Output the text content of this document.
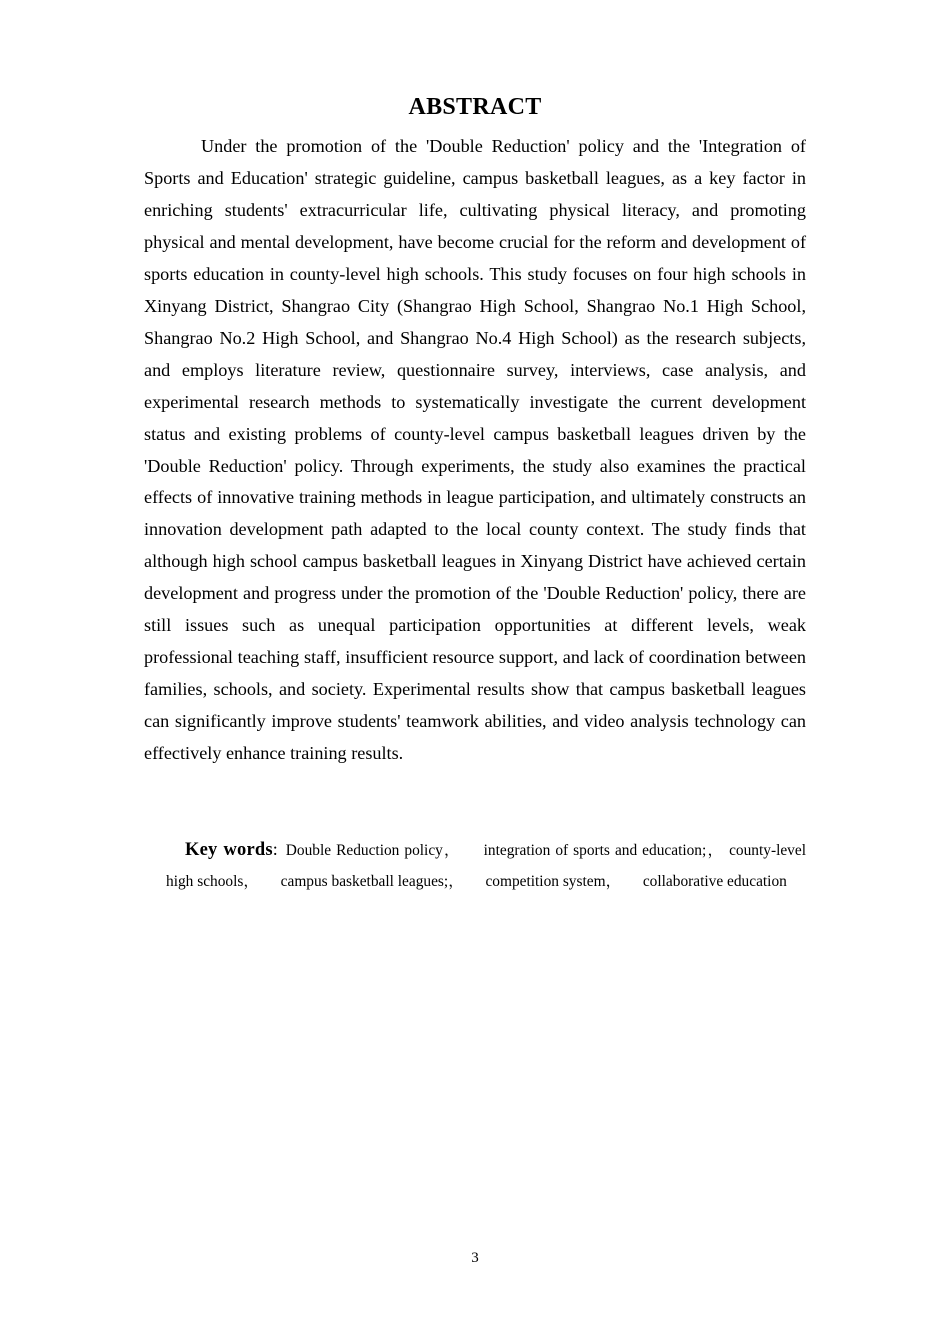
ABSTRACT

Under the promotion of the 'Double Reduction' policy and the 'Integration of Sports and Education' strategic guideline, campus basketball leagues, as a key factor in enriching students' extracurricular life, cultivating physical literacy, and promoting physical and mental development, have become crucial for the reform and development of sports education in county-level high schools. This study focuses on four high schools in Xinyang District, Shangrao City (Shangrao High School, Shangrao No.1 High School, Shangrao No.2 High School, and Shangrao No.4 High School) as the research subjects, and employs literature review, questionnaire survey, interviews, case analysis, and experimental research methods to systematically investigate the current development status and existing problems of county-level campus basketball leagues driven by the 'Double Reduction' policy. Through experiments, the study also examines the practical effects of innovative training methods in league participation, and ultimately constructs an innovation development path adapted to the local county context. The study finds that although high school campus basketball leagues in Xinyang District have achieved certain development and progress under the promotion of the 'Double Reduction' policy, there are still issues such as unequal participation opportunities at different levels, weak professional teaching staff, insufficient resource support, and lack of coordination between families, schools, and society. Experimental results show that campus basketball leagues can significantly improve students' teamwork abilities, and video analysis technology can effectively enhance training results.

Key words: Double Reduction policy， integration of sports and education;， county-level high schools， campus basketball leagues;， competition system， collaborative education

3
